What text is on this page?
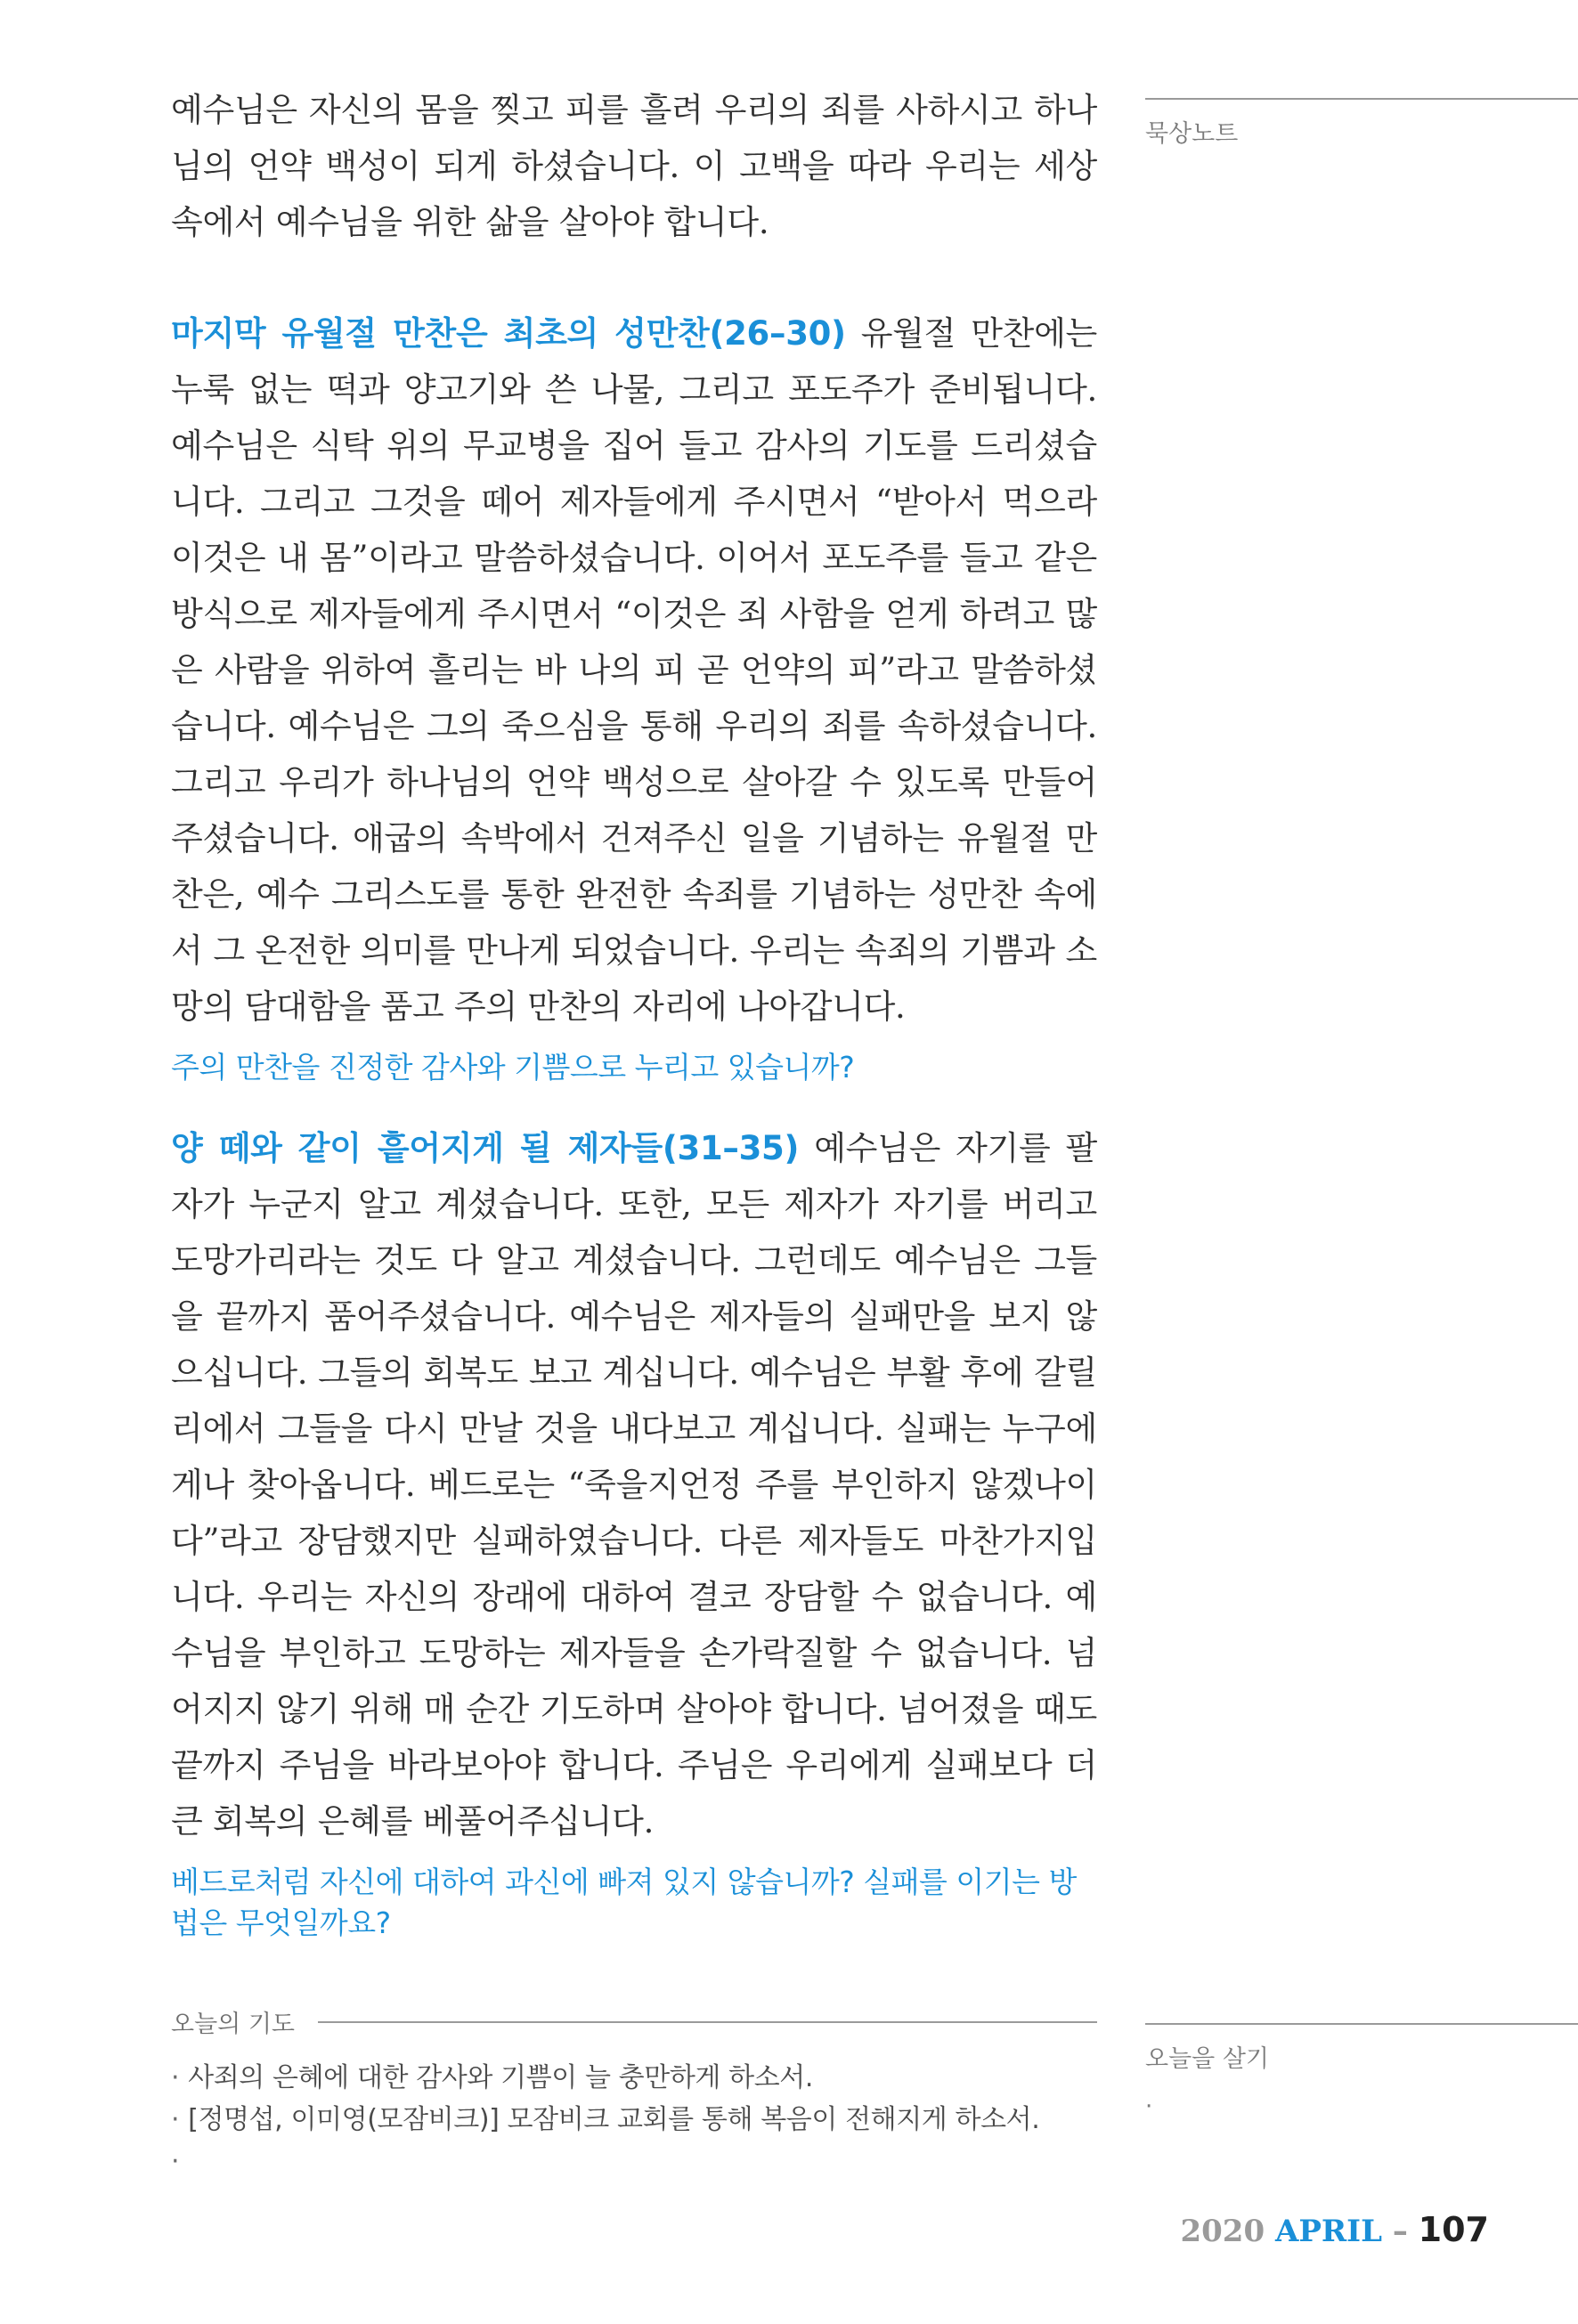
예수님은 자신의 몸을 찢고 피를 흘려 우리의 죄를 사하시고 하나님의 언약 백성이 되게 하셨습니다. 이 고백을 따라 우리는 세상 속에서 예수님을 위한 삶을 살아야 합니다.

마지막 유월절 만찬은 최초의 성만찬(26–30) 유월절 만찬에는 누룩 없는 떡과 양고기와 쓴 나물, 그리고 포도주가 준비됩니다. 예수님은 식탁 위의 무교병을 집어 들고 감사의 기도를 드리셨습니다. 그리고 그것을 떼어 제자들에게 주시면서 “받아서 먹으라 이것은 내 몸”이라고 말씀하셨습니다. 이어서 포도주를 들고 같은 방식으로 제자들에게 주시면서 “이것은 죄 사함을 얻게 하려고 많은 사람을 위하여 흘리는 바 나의 피 곧 언약의 피”라고 말씀하셨습니다. 예수님은 그의 죽으심을 통해 우리의 죄를 속하셨습니다. 그리고 우리가 하나님의 언약 백성으로 살아갈 수 있도록 만들어주셨습니다. 애굽의 속박에서 건져주신 일을 기념하는 유월절 만찬은, 예수 그리스도를 통한 완전한 속죄를 기념하는 성만찬 속에서 그 온전한 의미를 만나게 되었습니다. 우리는 속죄의 기쁨과 소망의 담대함을 품고 주의 만찬의 자리에 나아갑니다.

주의 만찬을 진정한 감사와 기쁨으로 누리고 있습니까?

양 떼와 같이 흩어지게 될 제자들(31–35) 예수님은 자기를 팔 자가 누군지 알고 계셨습니다. 또한, 모든 제자가 자기를 버리고 도망가리라는 것도 다 알고 계셨습니다. 그런데도 예수님은 그들을 끝까지 품어주셨습니다. 예수님은 제자들의 실패만을 보지 않으십니다. 그들의 회복도 보고 계십니다. 예수님은 부활 후에 갈릴리에서 그들을 다시 만날 것을 내다보고 계십니다. 실패는 누구에게나 찾아옵니다. 베드로는 “죽을지언정 주를 부인하지 않겠나이다”라고 장담했지만 실패하였습니다. 다른 제자들도 마찬가지입니다. 우리는 자신의 장래에 대하여 결코 장담할 수 없습니다. 예수님을 부인하고 도망하는 제자들을 손가락질할 수 없습니다. 넘어지지 않기 위해 매 순간 기도하며 살아야 합니다. 넘어졌을 때도 끝까지 주님을 바라보아야 합니다. 주님은 우리에게 실패보다 더 큰 회복의 은혜를 베풀어주십니다.

베드로처럼 자신에 대하여 과신에 빠져 있지 않습니까? 실패를 이기는 방법은 무엇일까요?

묵상노트
오늘을 살기
·
오늘의 기도
· 사죄의 은혜에 대한 감사와 기쁨이 늘 충만하게 하소서.
· [정명섭, 이미영(모잠비크)] 모잠비크 교회를 통해 복음이 전해지게 하소서.
·
2020 APRIL – 107
